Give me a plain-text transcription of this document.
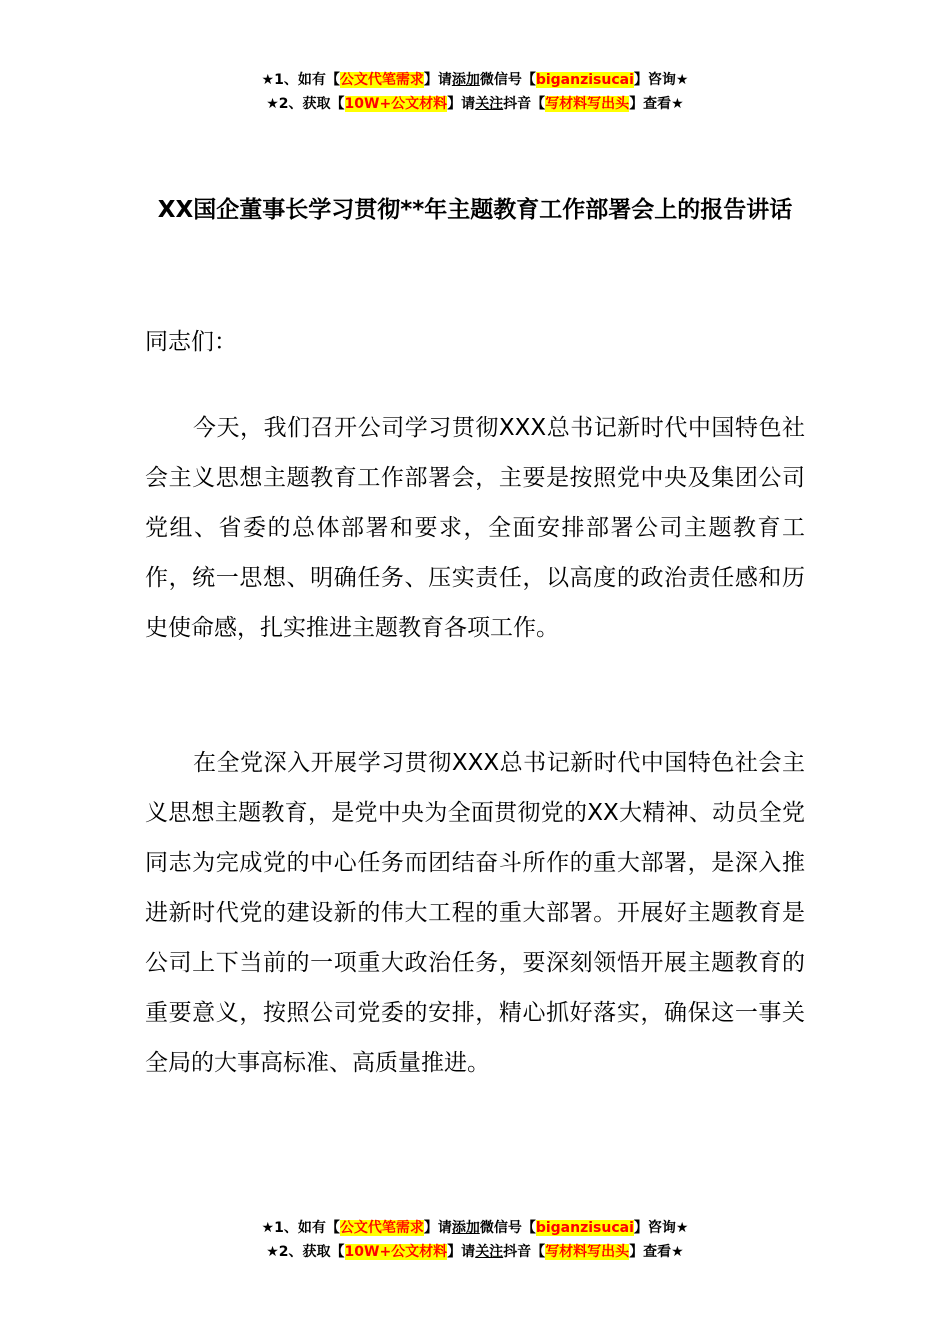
★1、如有【公文代笔需求】请添加微信号【biganzisucai】咨询★
★2、获取【10W+公文材料】请关注抖音【写材料写出头】查看★
XX国企董事长学习贯彻**年主题教育工作部署会上的报告讲话
同志们：
今天，我们召开公司学习贯彻XXX总书记新时代中国特色社会主义思想主题教育工作部署会，主要是按照党中央及集团公司党组、省委的总体部署和要求，全面安排部署公司主题教育工作，统一思想、明确任务、压实责任，以高度的政治责任感和历史使命感，扎实推进主题教育各项工作。
在全党深入开展学习贯彻XXX总书记新时代中国特色社会主义思想主题教育，是党中央为全面贯彻党的XX大精神、动员全党同志为完成党的中心任务而团结奋斗所作的重大部署，是深入推进新时代党的建设新的伟大工程的重大部署。开展好主题教育是公司上下当前的一项重大政治任务，要深刻领悟开展主题教育的重要意义，按照公司党委的安排，精心抓好落实，确保这一事关全局的大事高标准、高质量推进。
★1、如有【公文代笔需求】请添加微信号【biganzisucai】咨询★
★2、获取【10W+公文材料】请关注抖音【写材料写出头】查看★
